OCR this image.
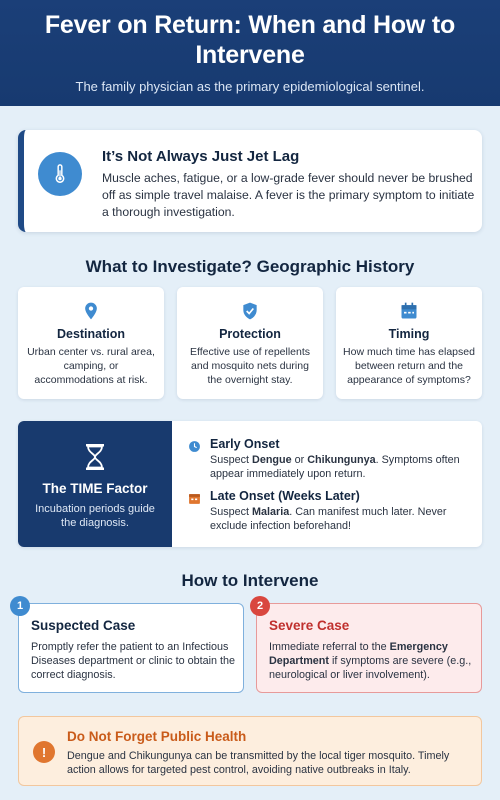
Fever on Return: When and How to Intervene
The family physician as the primary epidemiological sentinel.
It’s Not Always Just Jet Lag

Muscle aches, fatigue, or a low-grade fever should never be brushed off as simple travel malaise. A fever is the primary symptom to initiate a thorough investigation.

What to Investigate? Geographic History
Destination

Urban center vs. rural area, camping, or accommodations at risk.

Protection

Effective use of repellents and mosquito nets during the overnight stay.

Timing

How much time has elapsed between return and the appearance of symptoms?

The TIME Factor

Incubation periods guide the diagnosis.

Early Onset

Suspect Dengue or Chikungunya. Symptoms often appear immediately upon return.

Late Onset (Weeks Later)

Suspect Malaria. Can manifest much later. Never exclude infection beforehand!

How to Intervene
Suspected Case

Promptly refer the patient to an Infectious Diseases department or clinic to obtain the correct diagnosis.

1
Severe Case

Immediate referral to the Emergency Department if symptoms are severe (e.g., neurological or liver involvement).

2
!
Do Not Forget Public Health

Dengue and Chikungunya can be transmitted by the local tiger mosquito. Timely action allows for targeted pest control, avoiding native outbreaks in Italy.
